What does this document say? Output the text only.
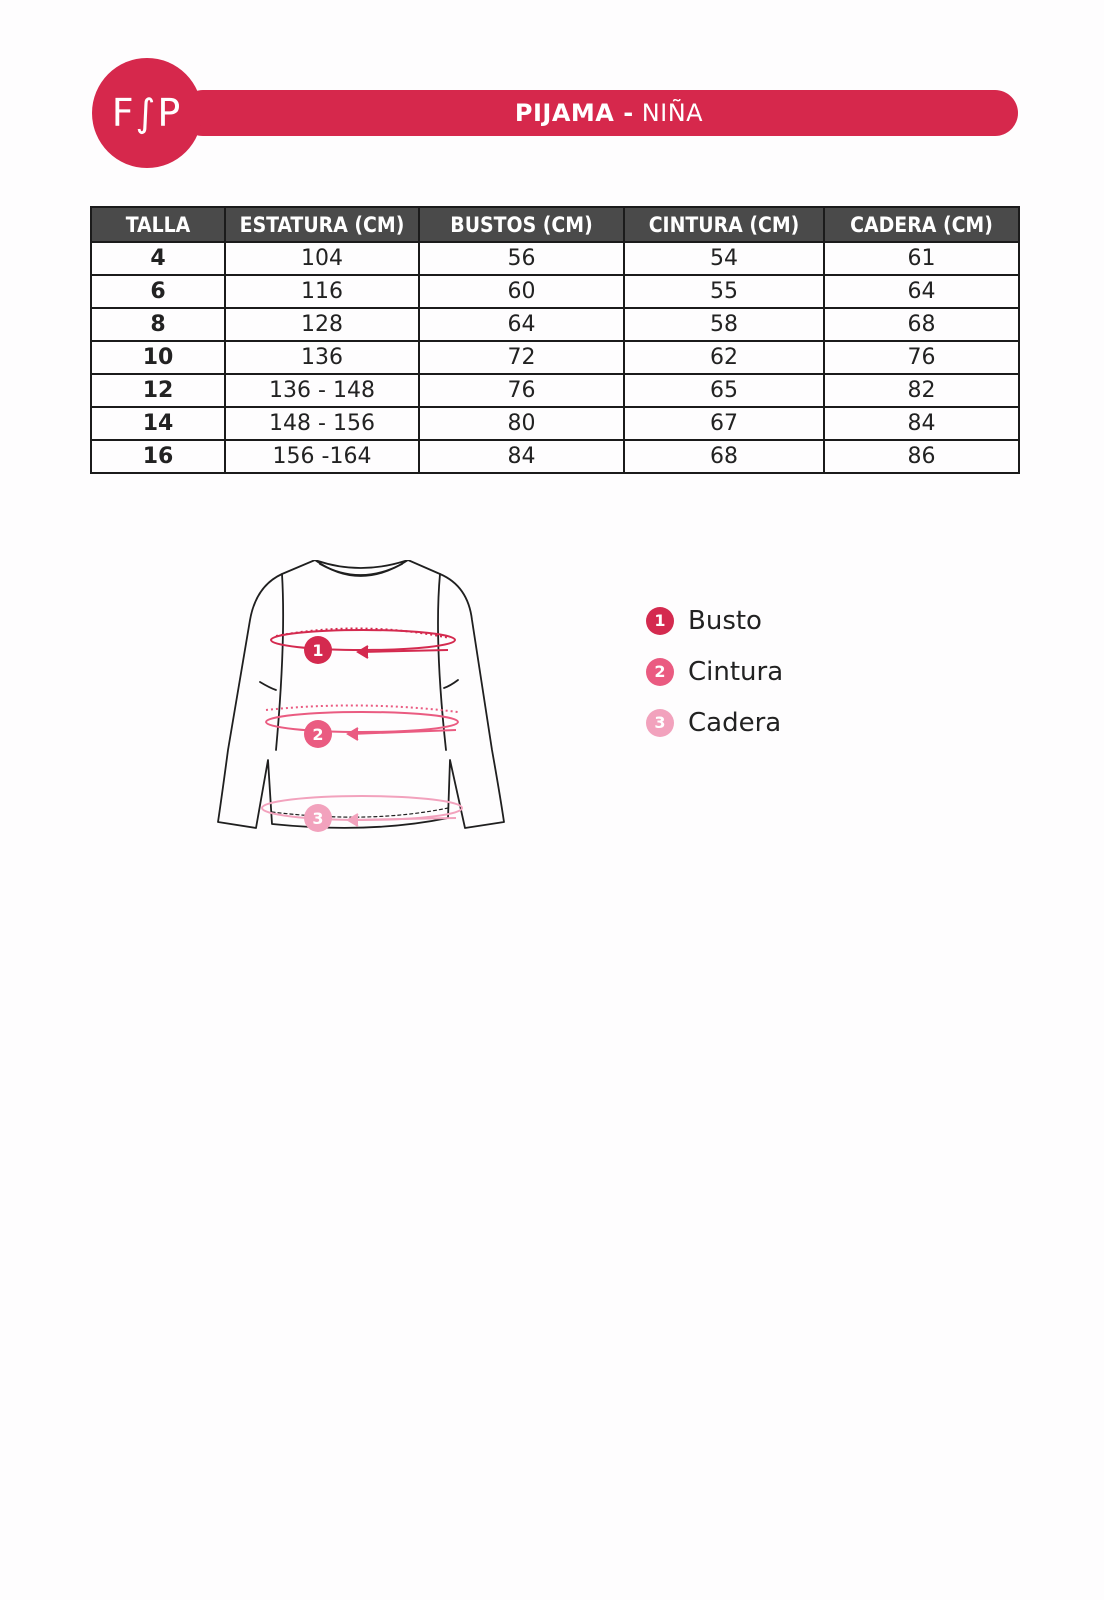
PIJAMA - NIÑA
F∫P
TALLA	ESTATURA (CM)	BUSTOS (CM)	CINTURA (CM)	CADERA (CM)
4	104	56	54	61
6	116	60	55	64
8	128	64	58	68
10	136	72	62	76
12	136 - 148	76	65	82
14	148 - 156	80	67	84
16	156 -164	84	68	86
1
2
3
1 Busto
2 Cintura
3 Cadera
